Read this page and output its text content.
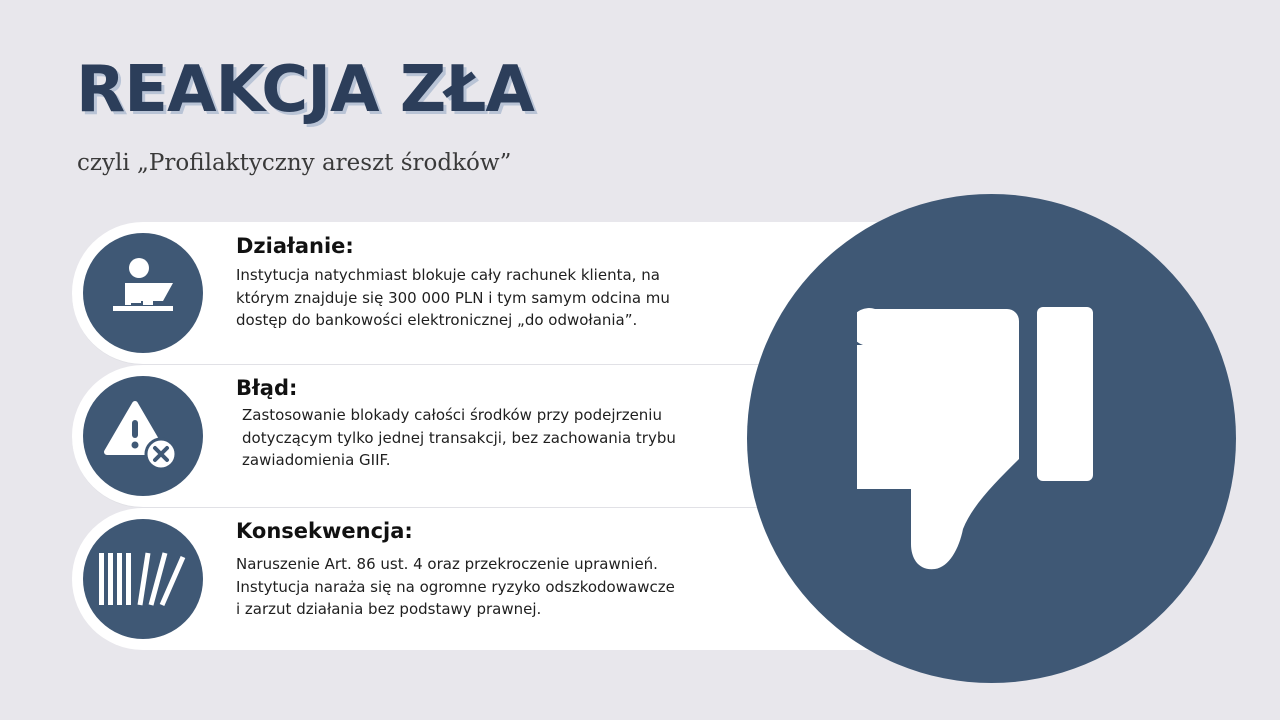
REAKCJA ZŁA

czyli „Profilaktyczny areszt środków”

Działanie:

Instytucja natychmiast blokuje cały rachunek klienta, na
którym znajduje się 300 000 PLN i tym samym odcina mu
dostęp do bankowości elektronicznej „do odwołania”.

Błąd:

Zastosowanie blokady całości środków przy podejrzeniu
dotyczącym tylko jednej transakcji, bez zachowania trybu
zawiadomienia GIIF.

Konsekwencja:

Naruszenie Art. 86 ust. 4 oraz przekroczenie uprawnień.
Instytucja naraża się na ogromne ryzyko odszkodowawcze
i zarzut działania bez podstawy prawnej.
